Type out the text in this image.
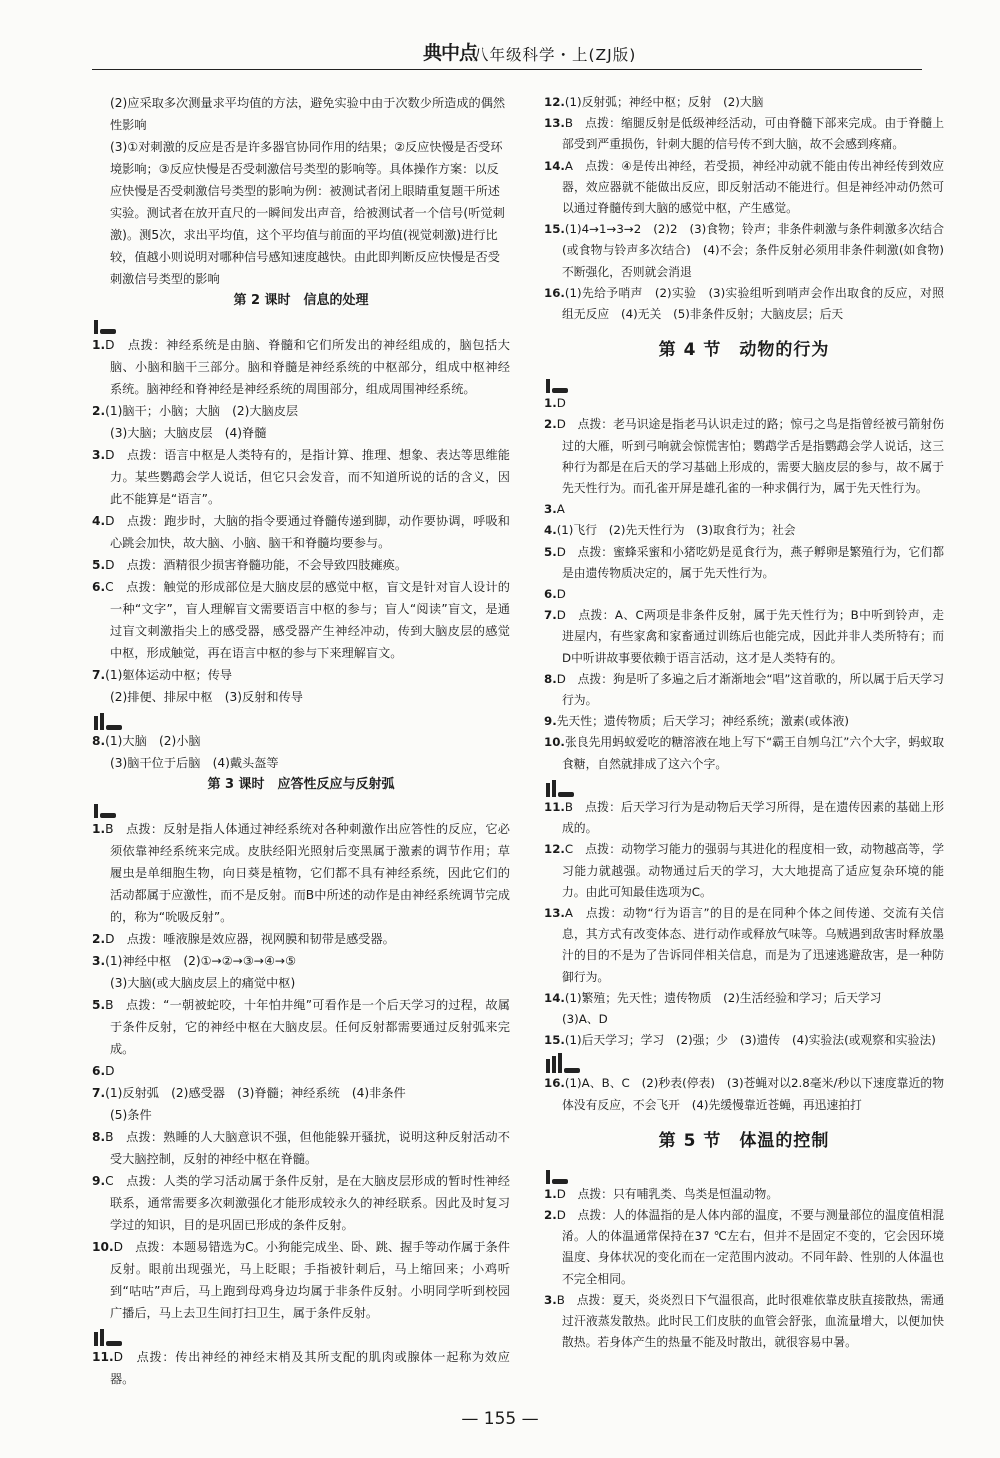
典中点
八年级科学・上(ZJ版)

(2)应采取多次测量求平均值的方法，避免实验中由于次数少所造成的偶然性影响

(3)①对刺激的反应是否是许多器官协同作用的结果；②反应快慢是否受环境影响；③反应快慢是否受刺激信号类型的影响等。具体操作方案：以反应快慢是否受刺激信号类型的影响为例：被测试者闭上眼睛重复题干所述实验。测试者在放开直尺的一瞬间发出声音，给被测试者一个信号(听觉刺激)。测5次，求出平均值，这个平均值与前面的平均值(视觉刺激)进行比较，值越小则说明对哪种信号感知速度越快。由此即判断反应快慢是否受刺激信号类型的影响

第 2 课时　信息的处理

1.D　点拨：神经系统是由脑、脊髓和它们所发出的神经组成的，脑包括大脑、小脑和脑干三部分。脑和脊髓是神经系统的中枢部分，组成中枢神经系统。脑神经和脊神经是神经系统的周围部分，组成周围神经系统。

2.(1)脑干；小脑；大脑　(2)大脑皮层

(3)大脑；大脑皮层　(4)脊髓

3.D　点拨：语言中枢是人类特有的，是指计算、推理、想象、表达等思维能力。某些鹦鹉会学人说话，但它只会发音，而不知道所说的话的含义，因此不能算是“语言”。

4.D　点拨：跑步时，大脑的指令要通过脊髓传递到脚，动作要协调，呼吸和心跳会加快，故大脑、小脑、脑干和脊髓均要参与。

5.D　点拨：酒精很少损害脊髓功能，不会导致四肢瘫痪。

6.C　点拨：触觉的形成部位是大脑皮层的感觉中枢，盲文是针对盲人设计的一种“文字”，盲人理解盲文需要语言中枢的参与；盲人“阅读”盲文，是通过盲文刺激指尖上的感受器，感受器产生神经冲动，传到大脑皮层的感觉中枢，形成触觉，再在语言中枢的参与下来理解盲文。

7.(1)躯体运动中枢；传导

(2)排便、排尿中枢　(3)反射和传导

8.(1)大脑　(2)小脑

(3)脑干位于后脑　(4)戴头盔等

第 3 课时　应答性反应与反射弧

1.B　点拨：反射是指人体通过神经系统对各种刺激作出应答性的反应，它必须依靠神经系统来完成。皮肤经阳光照射后变黑属于激素的调节作用；草履虫是单细胞生物，向日葵是植物，它们都不具有神经系统，因此它们的活动都属于应激性，而不是反射。而B中所述的动作是由神经系统调节完成的，称为“吮吸反射”。

2.D　点拨：唾液腺是效应器，视网膜和韧带是感受器。

3.(1)神经中枢　(2)①→②→③→④→⑤

(3)大脑(或大脑皮层上的痛觉中枢)

5.B　点拨：“一朝被蛇咬，十年怕井绳”可看作是一个后天学习的过程，故属于条件反射，它的神经中枢在大脑皮层。任何反射都需要通过反射弧来完成。

6.D

7.(1)反射弧　(2)感受器　(3)脊髓；神经系统　(4)非条件

(5)条件

8.B　点拨：熟睡的人大脑意识不强，但他能躲开骚扰，说明这种反射活动不受大脑控制，反射的神经中枢在脊髓。

9.C　点拨：人类的学习活动属于条件反射，是在大脑皮层形成的暂时性神经联系，通常需要多次刺激强化才能形成较永久的神经联系。因此及时复习学过的知识，目的是巩固已形成的条件反射。

10.D　点拨：本题易错选为C。小狗能完成坐、卧、跳、握手等动作属于条件反射。眼前出现强光，马上眨眼；手指被针刺后，马上缩回来；小鸡听到“咕咕”声后，马上跑到母鸡身边均属于非条件反射。小明同学听到校园广播后，马上去卫生间打扫卫生，属于条件反射。

11.D　点拨：传出神经的神经末梢及其所支配的肌肉或腺体一起称为效应器。

12.(1)反射弧；神经中枢；反射　(2)大脑

13.B　点拨：缩腿反射是低级神经活动，可由脊髓下部来完成。由于脊髓上部受到严重损伤，针刺大腿的信号传不到大脑，故不会感到疼痛。

14.A　点拨：④是传出神经，若受损，神经冲动就不能由传出神经传到效应器，效应器就不能做出反应，即反射活动不能进行。但是神经冲动仍然可以通过脊髓传到大脑的感觉中枢，产生感觉。

15.(1)4→1→3→2　(2)2　(3)食物；铃声；非条件刺激与条件刺激多次结合(或食物与铃声多次结合)　(4)不会；条件反射必须用非条件刺激(如食物)不断强化，否则就会消退

16.(1)先给予哨声　(2)实验　(3)实验组听到哨声会作出取食的反应，对照组无反应　(4)无关　(5)非条件反射；大脑皮层；后天

第 4 节　动物的行为

1.D

2.D　点拨：老马识途是指老马认识走过的路；惊弓之鸟是指曾经被弓箭射伤过的大雁，听到弓响就会惊慌害怕；鹦鹉学舌是指鹦鹉会学人说话，这三种行为都是在后天的学习基础上形成的，需要大脑皮层的参与，故不属于先天性行为。而孔雀开屏是雄孔雀的一种求偶行为，属于先天性行为。

3.A

4.(1)飞行　(2)先天性行为　(3)取食行为；社会

5.D　点拨：蜜蜂采蜜和小猪吃奶是觅食行为，燕子孵卵是繁殖行为，它们都是由遗传物质决定的，属于先天性行为。

6.D

7.D　点拨：A、C两项是非条件反射，属于先天性行为；B中听到铃声，走进屋内，有些家禽和家畜通过训练后也能完成，因此并非人类所特有；而D中听讲故事要依赖于语言活动，这才是人类特有的。

8.D　点拨：狗是听了多遍之后才渐渐地会“唱”这首歌的，所以属于后天学习行为。

9.先天性；遗传物质；后天学习；神经系统；激素(或体液)

10.张良先用蚂蚁爱吃的糖溶液在地上写下“霸王自刎乌江”六个大字，蚂蚁取食糖，自然就排成了这六个字。

11.B　点拨：后天学习行为是动物后天学习所得，是在遗传因素的基础上形成的。

12.C　点拨：动物学习能力的强弱与其进化的程度相一致，动物越高等，学习能力就越强。动物通过后天的学习，大大地提高了适应复杂环境的能力。由此可知最佳选项为C。

13.A　点拨：动物“行为语言”的目的是在同种个体之间传递、交流有关信息，其方式有改变体态、进行动作或释放气味等。乌贼遇到敌害时释放墨汁的目的不是为了告诉同伴相关信息，而是为了迅速逃避敌害，是一种防御行为。

14.(1)繁殖；先天性；遗传物质　(2)生活经验和学习；后天学习

(3)A、D

15.(1)后天学习；学习　(2)强；少　(3)遗传　(4)实验法(或观察和实验法)

16.(1)A、B、C　(2)秒表(停表)　(3)苍蝇对以2.8毫米/秒以下速度靠近的物体没有反应，不会飞开　(4)先缓慢靠近苍蝇，再迅速拍打

第 5 节　体温的控制

1.D　点拨：只有哺乳类、鸟类是恒温动物。

2.D　点拨：人的体温指的是人体内部的温度，不要与测量部位的温度值相混淆。人的体温通常保持在37 ℃左右，但并不是固定不变的，它会因环境温度、身体状况的变化而在一定范围内波动。不同年龄、性别的人体温也不完全相同。

3.B　点拨：夏天，炎炎烈日下气温很高，此时很难依靠皮肤直接散热，需通过汗液蒸发散热。此时民工们皮肤的血管会舒张，血流量增大，以便加快散热。若身体产生的热量不能及时散出，就很容易中暑。

— 155 —
